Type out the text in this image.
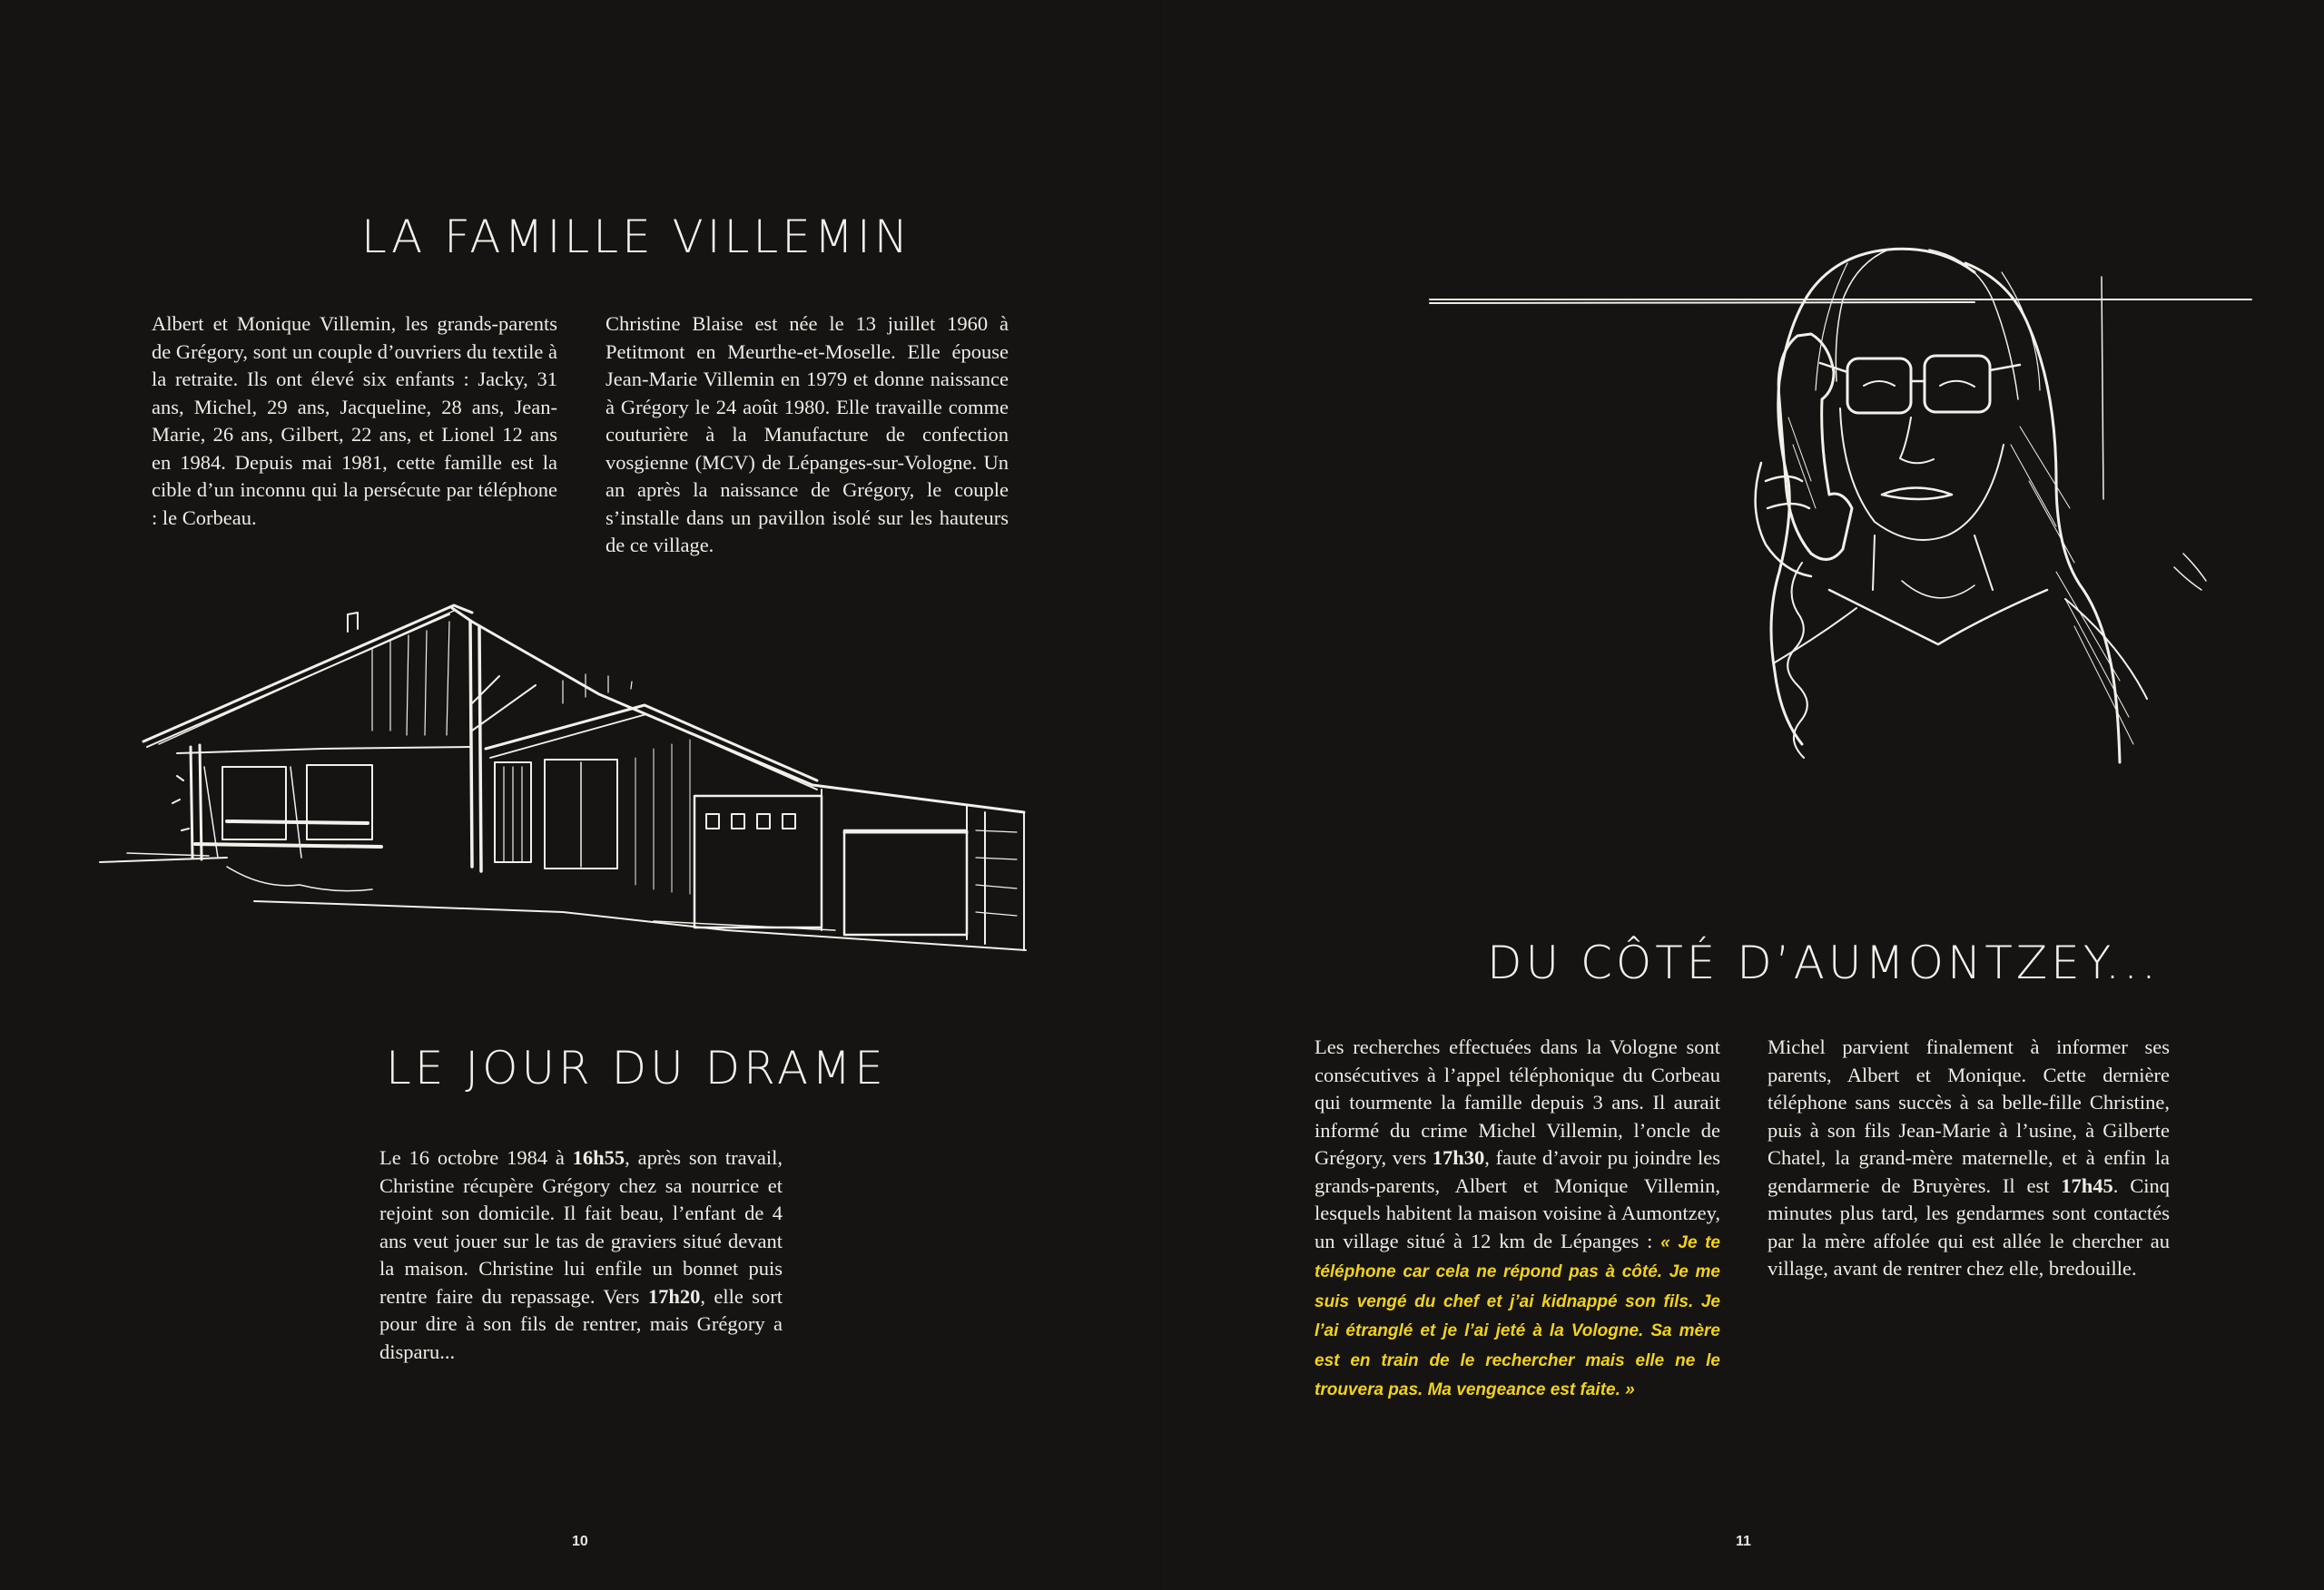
LA FAMILLE VILLEMIN

Albert et Monique Villemin, les grands-parents de Grégory, sont un couple d’ouvriers du textile à la retraite. Ils ont élevé six enfants : Jacky, 31 ans, Michel, 29 ans, Jacqueline, 28 ans, Jean-Marie, 26 ans, Gilbert, 22 ans, et Lionel 12 ans en 1984. Depuis mai 1981, cette famille est la cible d’un inconnu qui la persécute par téléphone : le Corbeau.

Christine Blaise est née le 13 juillet 1960 à Petitmont en Meurthe-et-Moselle. Elle épouse Jean-Marie Villemin en 1979 et donne naissance à Grégory le 24 août 1980. Elle travaille comme couturière à la Manufacture de confection vosgienne (MCV) de Lépanges-sur-Vologne. Un an après la naissance de Grégory, le couple s’installe dans un pavillon isolé sur les hauteurs de ce village.

LE JOUR DU DRAME

Le 16 octobre 1984 à 16h55, après son travail, Christine récupère Grégory chez sa nourrice et rejoint son domicile. Il fait beau, l’enfant de 4 ans veut jouer sur le tas de graviers situé devant la maison. Christine lui enfile un bonnet puis rentre faire du repassage. Vers 17h20, elle sort pour dire à son fils de rentrer, mais Grégory a disparu...

10
DU CÔTÉ D’AUMONTZEY...

Les recherches effectuées dans la Vologne sont consécutives à l’appel téléphonique du Corbeau qui tourmente la famille depuis 3 ans. Il aurait informé du crime Michel Villemin, l’oncle de Grégory, vers 17h30, faute d’avoir pu joindre les grands-parents, Albert et Monique Villemin, lesquels habitent la maison voisine à Aumontzey, un village situé à 12 km de Lépanges : « Je te téléphone car cela ne répond pas à côté. Je me suis vengé du chef et j’ai kidnappé son fils. Je l’ai étranglé et je l’ai jeté à la Vologne. Sa mère est en train de le rechercher mais elle ne le trouvera pas. Ma vengeance est faite. »

Michel parvient finalement à informer ses parents, Albert et Monique. Cette dernière téléphone sans succès à sa belle-fille Christine, puis à son fils Jean-Marie à l’usine, à Gilberte Chatel, la grand-mère maternelle, et à enfin la gendarmerie de Bruyères. Il est 17h45. Cinq minutes plus tard, les gendarmes sont contactés par la mère affolée qui est allée le chercher au village, avant de rentrer chez elle, bredouille.

11
